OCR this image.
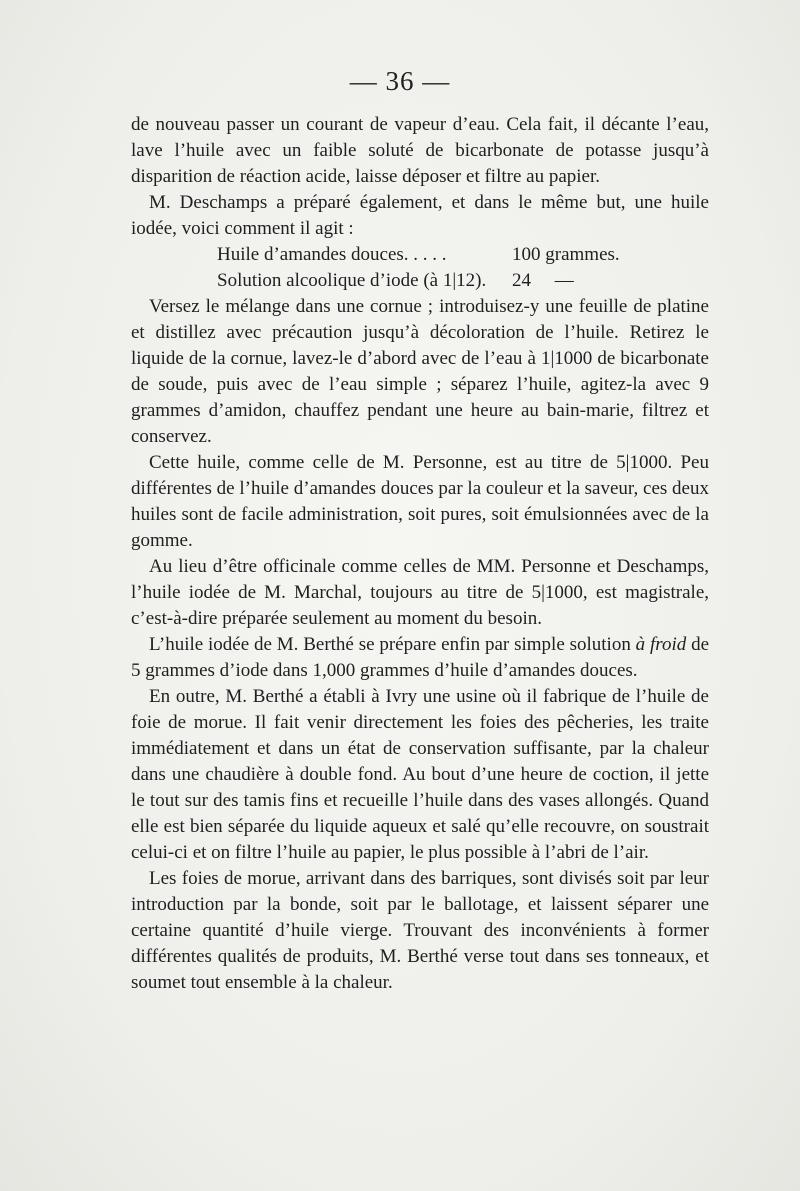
— 36 —

de nouveau passer un courant de vapeur d’eau. Cela fait, il décante l’eau, lave l’huile avec un faible soluté de bicarbonate de potasse jusqu’à disparition de réaction acide, laisse déposer et filtre au papier.

M. Deschamps a préparé également, et dans le même but, une huile iodée, voici comment il agit :

Huile d’amandes douces. . . . .	100 grammes.
Solution alcoolique d’iode (à 1|12).	24     —

Versez le mélange dans une cornue ; introduisez-y une feuille de platine et distillez avec précaution jusqu’à décoloration de l’huile. Retirez le liquide de la cornue, lavez-le d’abord avec de l’eau à 1|1000 de bicarbonate de soude, puis avec de l’eau simple ; séparez l’huile, agitez-la avec 9 grammes d’amidon, chauffez pendant une heure au bain-marie, filtrez et conservez.

Cette huile, comme celle de M. Personne, est au titre de 5|1000. Peu différentes de l’huile d’amandes douces par la couleur et la saveur, ces deux huiles sont de facile administration, soit pures, soit émulsionnées avec de la gomme.

Au lieu d’être officinale comme celles de MM. Personne et Deschamps, l’huile iodée de M. Marchal, toujours au titre de 5|1000, est magistrale, c’est-à-dire préparée seulement au moment du besoin.

L’huile iodée de M. Berthé se prépare enfin par simple solution à froid de 5 grammes d’iode dans 1,000 grammes d’huile d’amandes douces.

En outre, M. Berthé a établi à Ivry une usine où il fabrique de l’huile de foie de morue. Il fait venir directement les foies des pêcheries, les traite immédiatement et dans un état de conservation suffisante, par la chaleur dans une chaudière à double fond. Au bout d’une heure de coction, il jette le tout sur des tamis fins et recueille l’huile dans des vases allongés. Quand elle est bien séparée du liquide aqueux et salé qu’elle recouvre, on soustrait celui-ci et on filtre l’huile au papier, le plus possible à l’abri de l’air.

Les foies de morue, arrivant dans des barriques, sont divisés soit par leur introduction par la bonde, soit par le ballotage, et laissent séparer une certaine quantité d’huile vierge. Trouvant des inconvénients à former différentes qualités de produits, M. Berthé verse tout dans ses tonneaux, et soumet tout ensemble à la chaleur.
